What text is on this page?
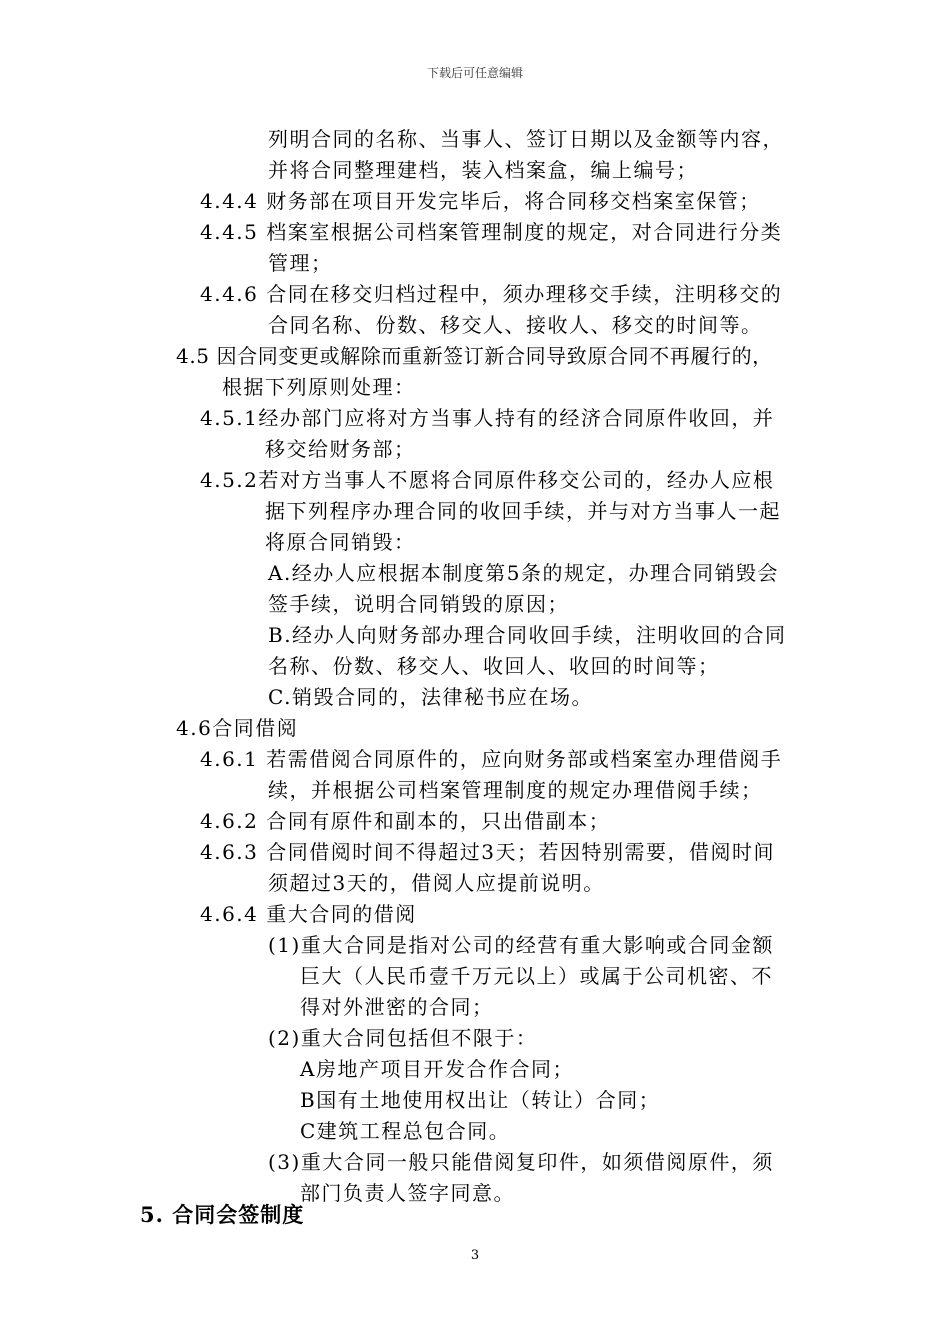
下载后可任意编辑
列明合同的名称、当事人、签订日期以及金额等内容，
并将合同整理建档，装入档案盒，编上编号；
4.4.4 财务部在项目开发完毕后，将合同移交档案室保管；
4.4.5 档案室根据公司档案管理制度的规定，对合同进行分类
管理；
4.4.6 合同在移交归档过程中，须办理移交手续，注明移交的
合同名称、份数、移交人、接收人、移交的时间等。
4.5 因合同变更或解除而重新签订新合同导致原合同不再履行的，
根据下列原则处理：
4.5.1经办部门应将对方当事人持有的经济合同原件收回，并
移交给财务部；
4.5.2若对方当事人不愿将合同原件移交公司的，经办人应根
据下列程序办理合同的收回手续，并与对方当事人一起
将原合同销毁：
A.经办人应根据本制度第5条的规定，办理合同销毁会
签手续，说明合同销毁的原因；
B.经办人向财务部办理合同收回手续，注明收回的合同
名称、份数、移交人、收回人、收回的时间等；
C.销毁合同的，法律秘书应在场。
4.6合同借阅
4.6.1 若需借阅合同原件的，应向财务部或档案室办理借阅手
续，并根据公司档案管理制度的规定办理借阅手续；
4.6.2 合同有原件和副本的，只出借副本；
4.6.3 合同借阅时间不得超过3天；若因特别需要，借阅时间
须超过3天的，借阅人应提前说明。
4.6.4 重大合同的借阅
(1)重大合同是指对公司的经营有重大影响或合同金额
巨大（人民币壹千万元以上）或属于公司机密、不
得对外泄密的合同；
(2)重大合同包括但不限于：
A房地产项目开发合作合同；
B国有土地使用权出让（转让）合同；
C建筑工程总包合同。
(3)重大合同一般只能借阅复印件，如须借阅原件，须
部门负责人签字同意。
5. 合同会签制度
3
